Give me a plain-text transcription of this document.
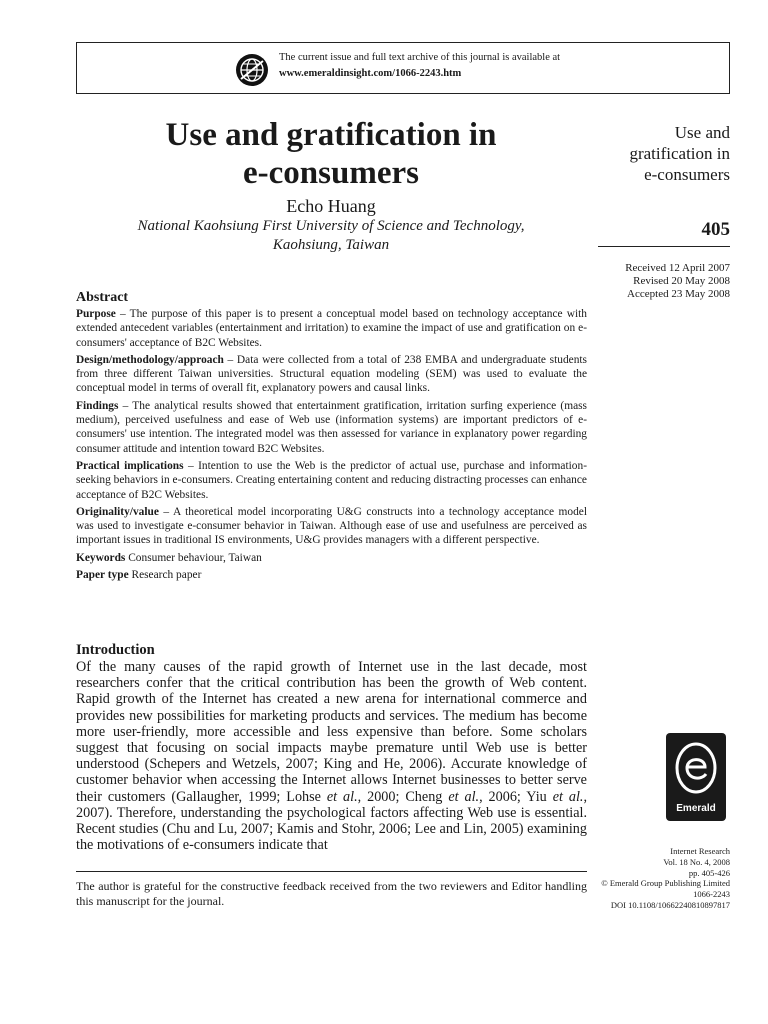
The current issue and full text archive of this journal is available at
www.emeraldinsight.com/1066-2243.htm
Use and gratification in
e-consumers
Echo Huang
National Kaohsiung First University of Science and Technology,
Kaohsiung, Taiwan
Use and
gratification in
e-consumers
405
Received 12 April 2007
Revised 20 May 2008
Accepted 23 May 2008
Abstract

Purpose – The purpose of this paper is to present a conceptual model based on technology acceptance with extended antecedent variables (entertainment and irritation) to examine the impact of use and gratification on e-consumers' acceptance of B2C Websites.

Design/methodology/approach – Data were collected from a total of 238 EMBA and undergraduate students from three different Taiwan universities. Structural equation modeling (SEM) was used to evaluate the conceptual model in terms of overall fit, explanatory powers and causal links.

Findings – The analytical results showed that entertainment gratification, irritation surfing experience (mass medium), perceived usefulness and ease of Web use (information systems) are important predictors of e-consumers' use intention. The integrated model was then assessed for variance in explanatory power regarding consumer attitude and intention toward B2C Websites.

Practical implications – Intention to use the Web is the predictor of actual use, purchase and information-seeking behaviors in e-consumers. Creating entertaining content and reducing distracting processes can enhance acceptance of B2C Websites.

Originality/value – A theoretical model incorporating U&G constructs into a technology acceptance model was used to investigate e-consumer behavior in Taiwan. Although ease of use and usefulness are perceived as important issues in traditional IS environments, U&G provides managers with a different perspective.

Keywords Consumer behaviour, Taiwan

Paper type Research paper

Introduction

Of the many causes of the rapid growth of Internet use in the last decade, most researchers confer that the critical contribution has been the growth of Web content. Rapid growth of the Internet has created a new arena for international commerce and provides new possibilities for marketing products and services. The medium has become more user-friendly, more accessible and less expensive than before. Some scholars suggest that focusing on social impacts maybe premature until Web use is better understood (Schepers and Wetzels, 2007; King and He, 2006). Accurate knowledge of customer behavior when accessing the Internet allows Internet businesses to better serve their customers (Gallaugher, 1999; Lohse et al., 2000; Cheng et al., 2006; Yiu et al., 2007). Therefore, understanding the psychological factors affecting Web use is essential. Recent studies (Chu and Lu, 2007; Kamis and Stohr, 2006; Lee and Lin, 2005) examining the motivations of e-consumers indicate that

The author is grateful for the constructive feedback received from the two reviewers and Editor handling this manuscript for the journal.
Emerald
Internet Research
Vol. 18 No. 4, 2008
pp. 405-426
© Emerald Group Publishing Limited
1066-2243
DOI 10.1108/10662240810897817
